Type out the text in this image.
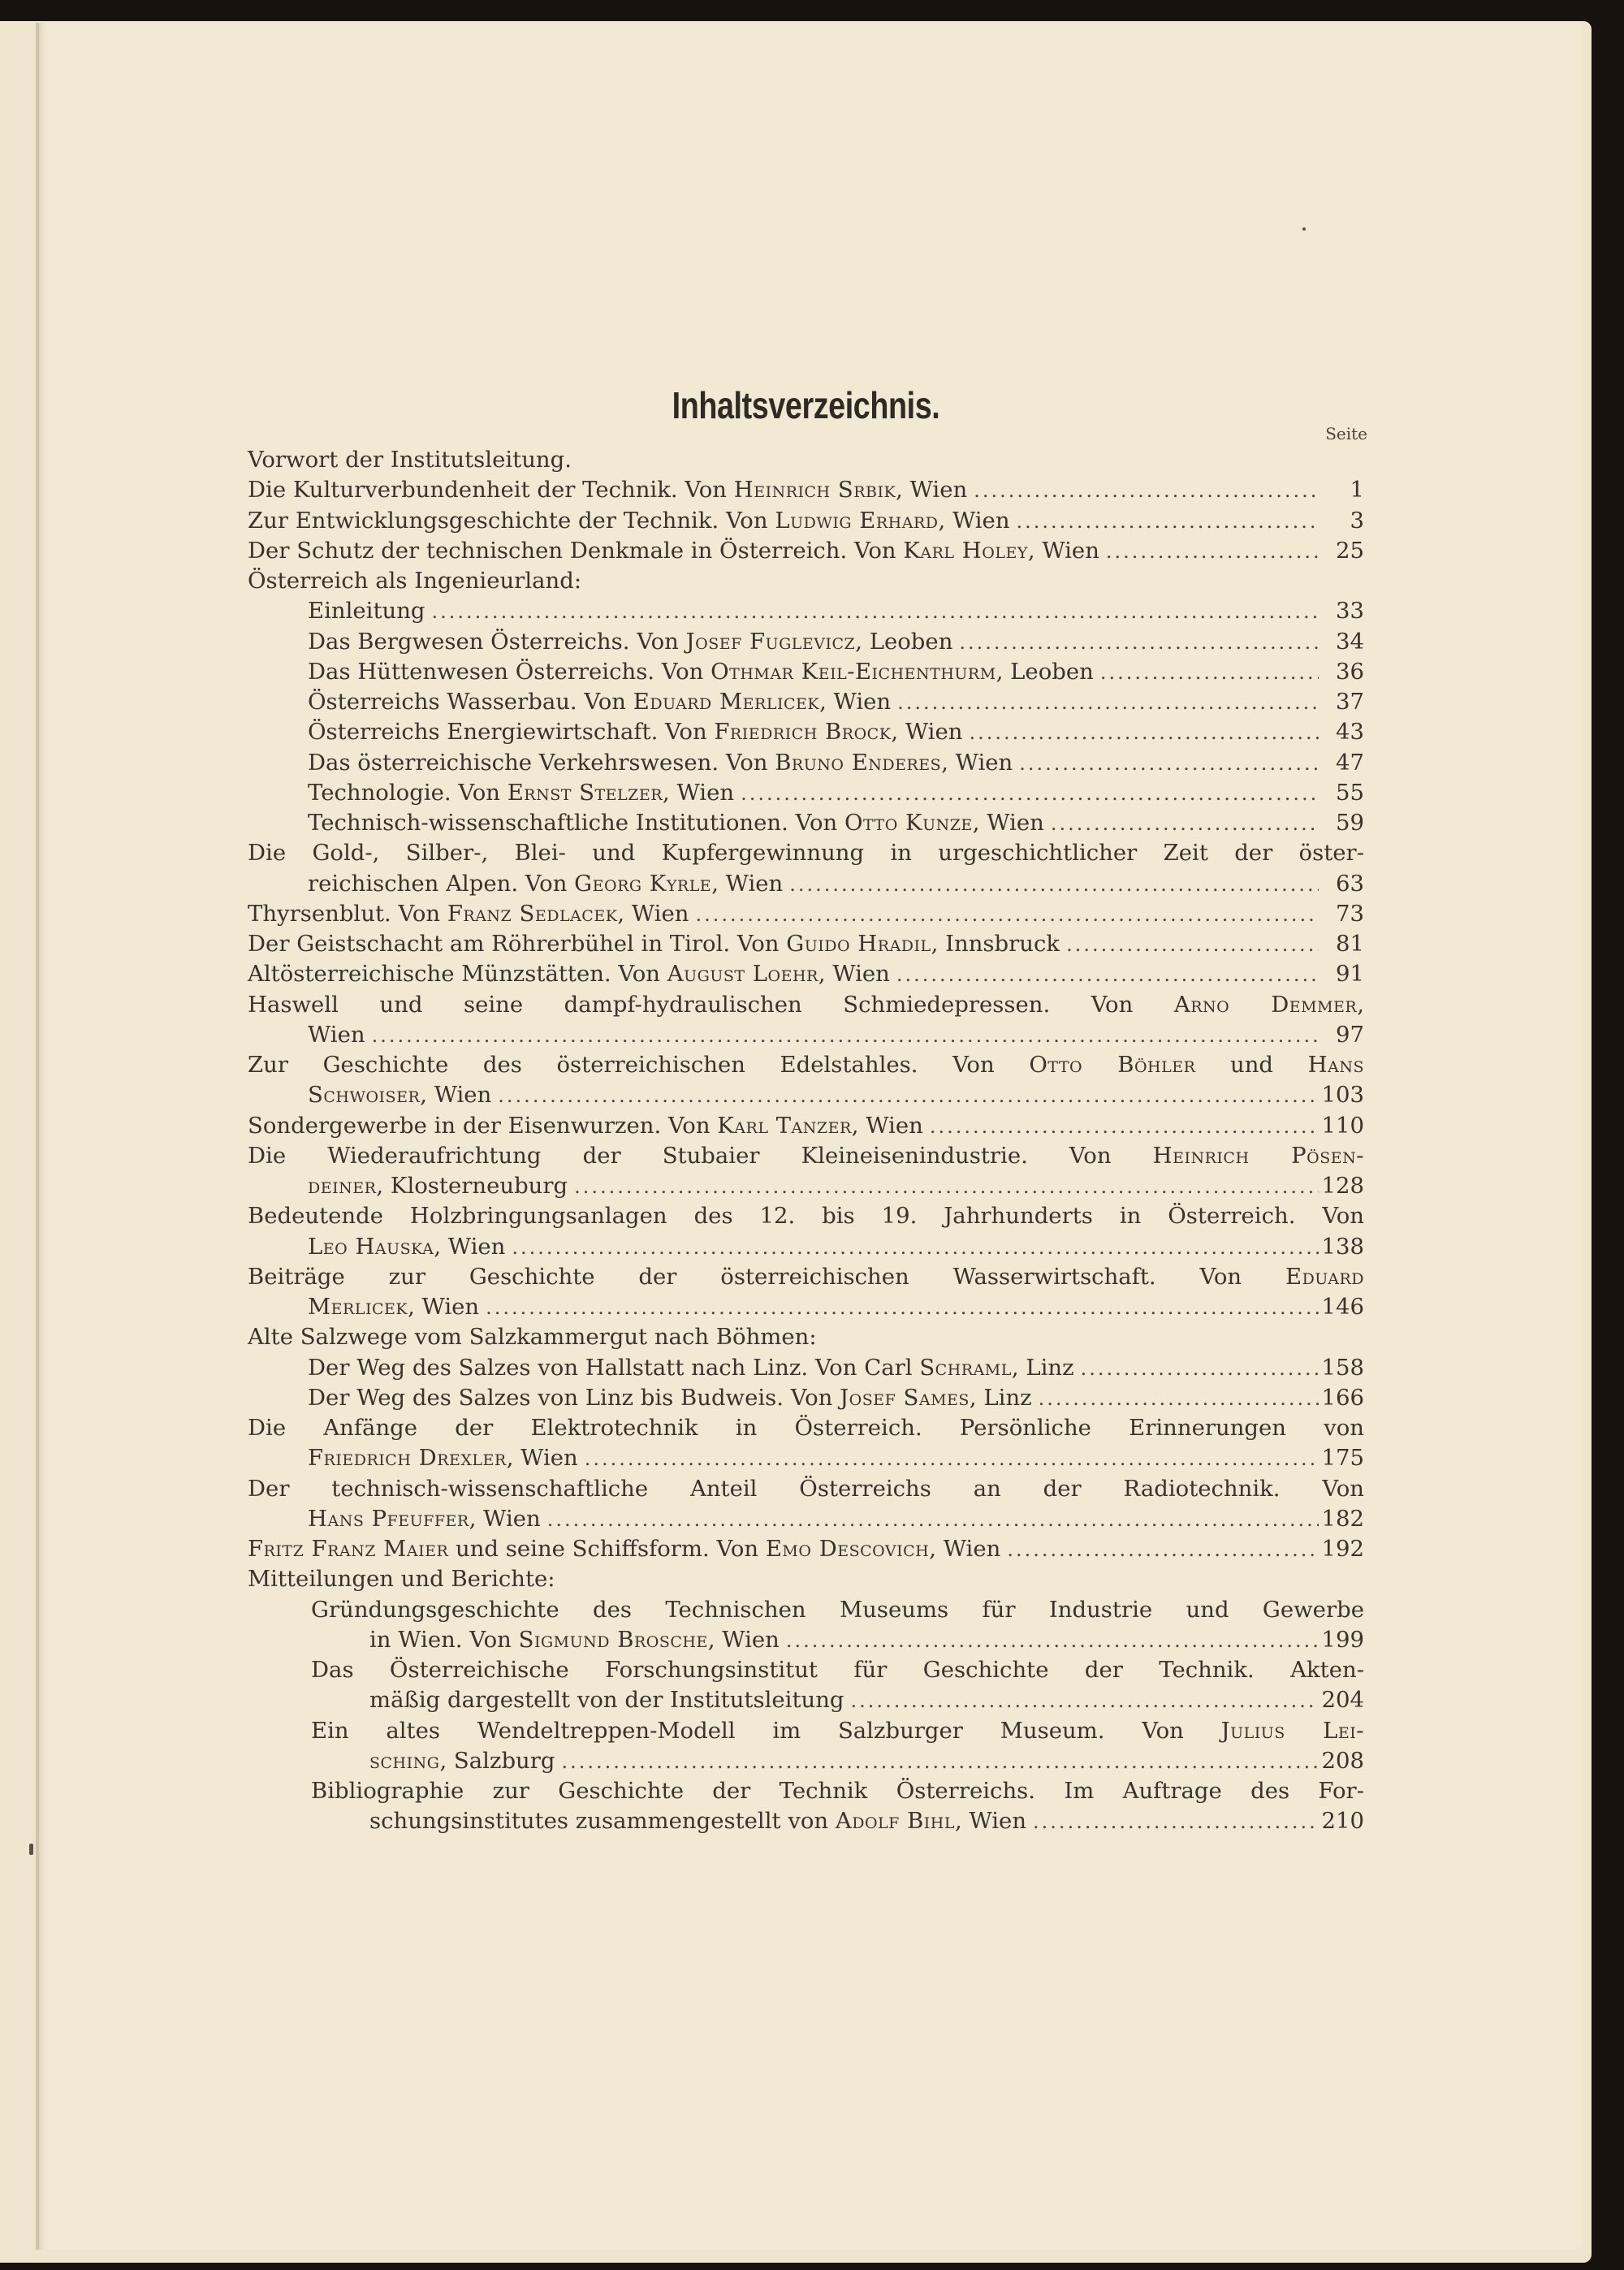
Inhaltsverzeichnis.
Seite
Vorwort der Institutsleitung.
Die Kulturverbundenheit der Technik. Von Heinrich Srbik, Wien .....	1
Zur Entwicklungsgeschichte der Technik. Von Ludwig Erhard, Wien .....	3
Der Schutz der technischen Denkmale in Österreich. Von Karl Holey, Wien .....	25
Österreich als Ingenieurland:
Einleitung .....	33
Das Bergwesen Österreichs. Von Josef Fuglevicz, Leoben .....	34
Das Hüttenwesen Österreichs. Von Othmar Keil-Eichenthurm, Leoben .....	36
Österreichs Wasserbau. Von Eduard Merlicek, Wien .....	37
Österreichs Energiewirtschaft. Von Friedrich Brock, Wien .....	43
Das österreichische Verkehrswesen. Von Bruno Enderes, Wien .....	47
Technologie. Von Ernst Stelzer, Wien .....	55
Technisch-wissenschaftliche Institutionen. Von Otto Kunze, Wien .....	59
Die Gold-, Silber-, Blei- und Kupfergewinnung in urgeschichtlicher Zeit der öster-
reichischen Alpen. Von Georg Kyrle, Wien .....	63
Thyrsenblut. Von Franz Sedlacek, Wien .....	73
Der Geistschacht am Röhrerbühel in Tirol. Von Guido Hradil, Innsbruck .....	81
Altösterreichische Münzstätten. Von August Loehr, Wien .....	91
Haswell und seine dampf-hydraulischen Schmiedepressen. Von Arno Demmer,
Wien .....	97
Zur Geschichte des österreichischen Edelstahles. Von Otto Böhler und Hans
Schwoiser, Wien .....	103
Sondergewerbe in der Eisenwurzen. Von Karl Tanzer, Wien .....	110
Die Wiederaufrichtung der Stubaier Kleineisenindustrie. Von Heinrich Pösen-
deiner, Klosterneuburg .....	128
Bedeutende Holzbringungsanlagen des 12. bis 19. Jahrhunderts in Österreich. Von
Leo Hauska, Wien .....	138
Beiträge zur Geschichte der österreichischen Wasserwirtschaft. Von Eduard
Merlicek, Wien .....	146
Alte Salzwege vom Salzkammergut nach Böhmen:
Der Weg des Salzes von Hallstatt nach Linz. Von Carl Schraml, Linz .....	158
Der Weg des Salzes von Linz bis Budweis. Von Josef Sames, Linz .....	166
Die Anfänge der Elektrotechnik in Österreich. Persönliche Erinnerungen von
Friedrich Drexler, Wien .....	175
Der technisch-wissenschaftliche Anteil Österreichs an der Radiotechnik. Von
Hans Pfeuffer, Wien .....	182
Fritz Franz Maier und seine Schiffsform. Von Emo Descovich, Wien .....	192
Mitteilungen und Berichte:
Gründungsgeschichte des Technischen Museums für Industrie und Gewerbe
in Wien. Von Sigmund Brosche, Wien .....	199
Das Österreichische Forschungsinstitut für Geschichte der Technik. Akten-
mäßig dargestellt von der Institutsleitung .....	204
Ein altes Wendeltreppen-Modell im Salzburger Museum. Von Julius Lei-
sching, Salzburg .....	208
Bibliographie zur Geschichte der Technik Österreichs. Im Auftrage des For-
schungsinstitutes zusammengestellt von Adolf Bihl, Wien .....	210
